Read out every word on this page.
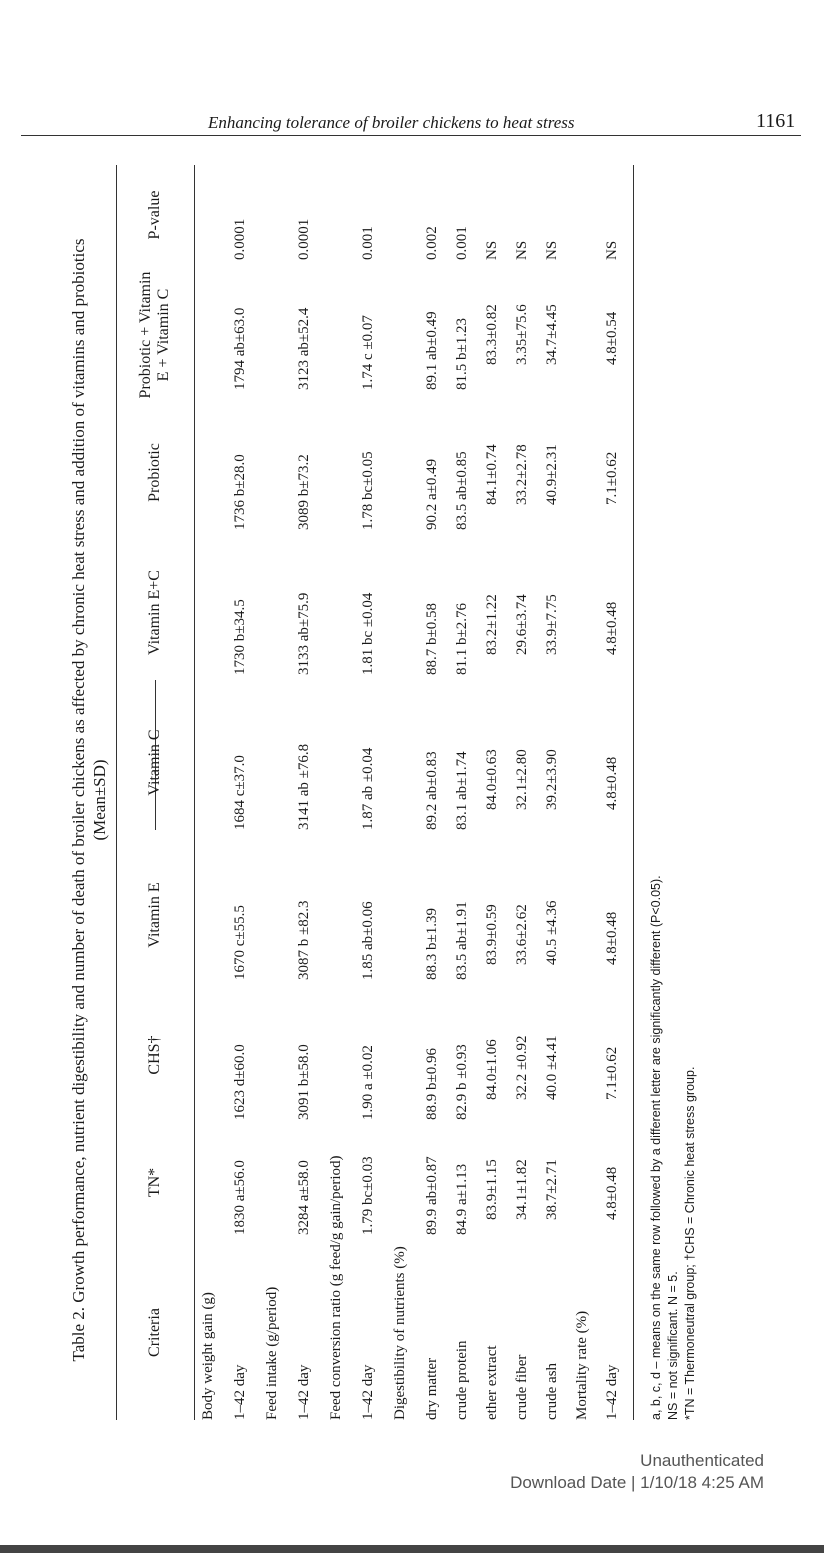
Enhancing tolerance of broiler chickens to heat stress	1161
Table 2. Growth performance, nutrient digestibility and number of death of broiler chickens as affected by chronic heat stress and addition of vitamins and probiotics (Mean±SD)
Criteria
TN*
CHS†
Vitamin E
Vitamin C
Vitamin E+C
Probiotic
Probiotic + Vitamin E + Vitamin C
P-value
Body weight gain (g) 1–42 day
1830 a±56.0
1623 d±60.0
1670 c±55.5
1684 c±37.0
1730 b±34.5
1736 b±28.0
1794 ab±63.0
0.0001
Feed intake (g/period) 1–42 day
3284 a±58.0
3091 b±58.0
3087 b ±82.3
3141 ab ±76.8
3133 ab±75.9
3089 b±73.2
3123 ab±52.4
0.0001
Feed conversion ratio (g feed/g gain/period) 1–42 day
1.79 bc±0.03
1.90 a ±0.02
1.85 ab±0.06
1.87 ab ±0.04
1.81 bc ±0.04
1.78 bc±0.05
1.74 c ±0.07
0.001
Digestibility of nutrients (%) dry matter
89.9 ab±0.87
88.9 b±0.96
88.3 b±1.39
89.2 ab±0.83
88.7 b±0.58
90.2 a±0.49
89.1 ab±0.49
0.002
crude protein
84.9 a±1.13
82.9 b ±0.93
83.5 ab±1.91
83.1 ab±1.74
81.1 b±2.76
83.5 ab±0.85
81.5 b±1.23
0.001
ether extract
83.9±1.15
84.0±1.06
83.9±0.59
84.0±0.63
83.2±1.22
84.1±0.74
83.3±0.82
NS
crude fiber
34.1±1.82
32.2 ±0.92
33.6±2.62
32.1±2.80
29.6±3.74
33.2±2.78
3.35±75.6
NS
crude ash
38.7±2.71
40.0 ±4.41
40.5 ±4.36
39.2±3.90
33.9±7.75
40.9±2.31
34.7±4.45
NS
Mortality rate (%) 1–42 day
4.8±0.48
7.1±0.62
4.8±0.48
4.8±0.48
4.8±0.48
7.1±0.62
4.8±0.54
NS
a, b, c, d – means on the same row followed by a different letter are significantly different (P<0.05). NS = not significant. N = 5. *TN = Thermoneutral group; †CHS = Chronic heat stress group.
Unauthenticated
Download Date | 1/10/18 4:25 AM
